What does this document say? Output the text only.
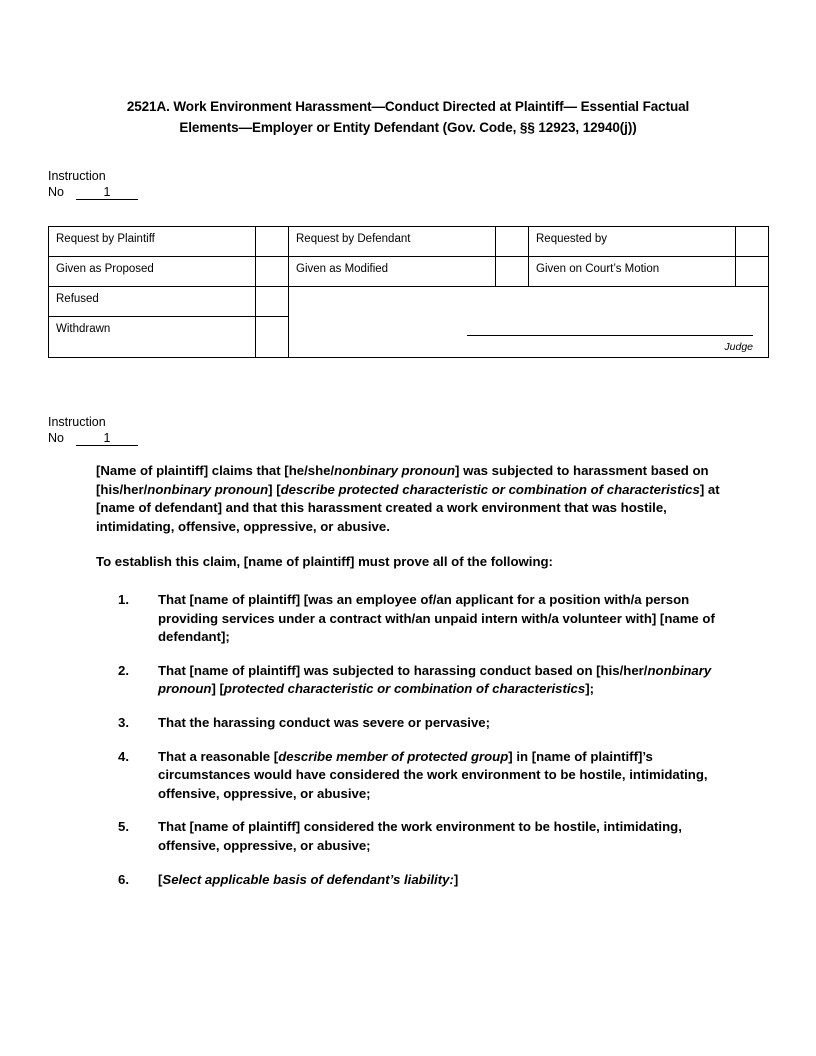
2521A. Work Environment Harassment—Conduct Directed at Plaintiff— Essential Factual Elements—Employer or Entity Defendant (Gov. Code, §§ 12923, 12940(j))
Instruction
No	1
Request by Plaintiff		Request by Defendant		Requested by	
Given as Proposed		Given as Modified		Given on Court’s Motion	
Refused		Judge			

Withdrawn					
Instruction
No	1

[Name of plaintiff] claims that [he/she/nonbinary pronoun] was subjected to harassment based on [his/her/nonbinary pronoun] [describe protected characteristic or combination of characteristics] at [name of defendant] and that this harassment created a work environment that was hostile, intimidating, offensive, oppressive, or abusive.

To establish this claim, [name of plaintiff] must prove all of the following:

1.	That [name of plaintiff] [was an employee of/an applicant for a position with/a person providing services under a contract with/an unpaid intern with/a volunteer with] [name of defendant];
2.	That [name of plaintiff] was subjected to harassing conduct based on [his/her/nonbinary pronoun] [protected characteristic or combination of characteristics];
3.	That the harassing conduct was severe or pervasive;
4.	That a reasonable [describe member of protected group] in [name of plaintiff]’s circumstances would have considered the work environment to be hostile, intimidating, offensive, oppressive, or abusive;
5.	That [name of plaintiff] considered the work environment to be hostile, intimidating, offensive, oppressive, or abusive;
6.	[Select applicable basis of defendant’s liability:]
